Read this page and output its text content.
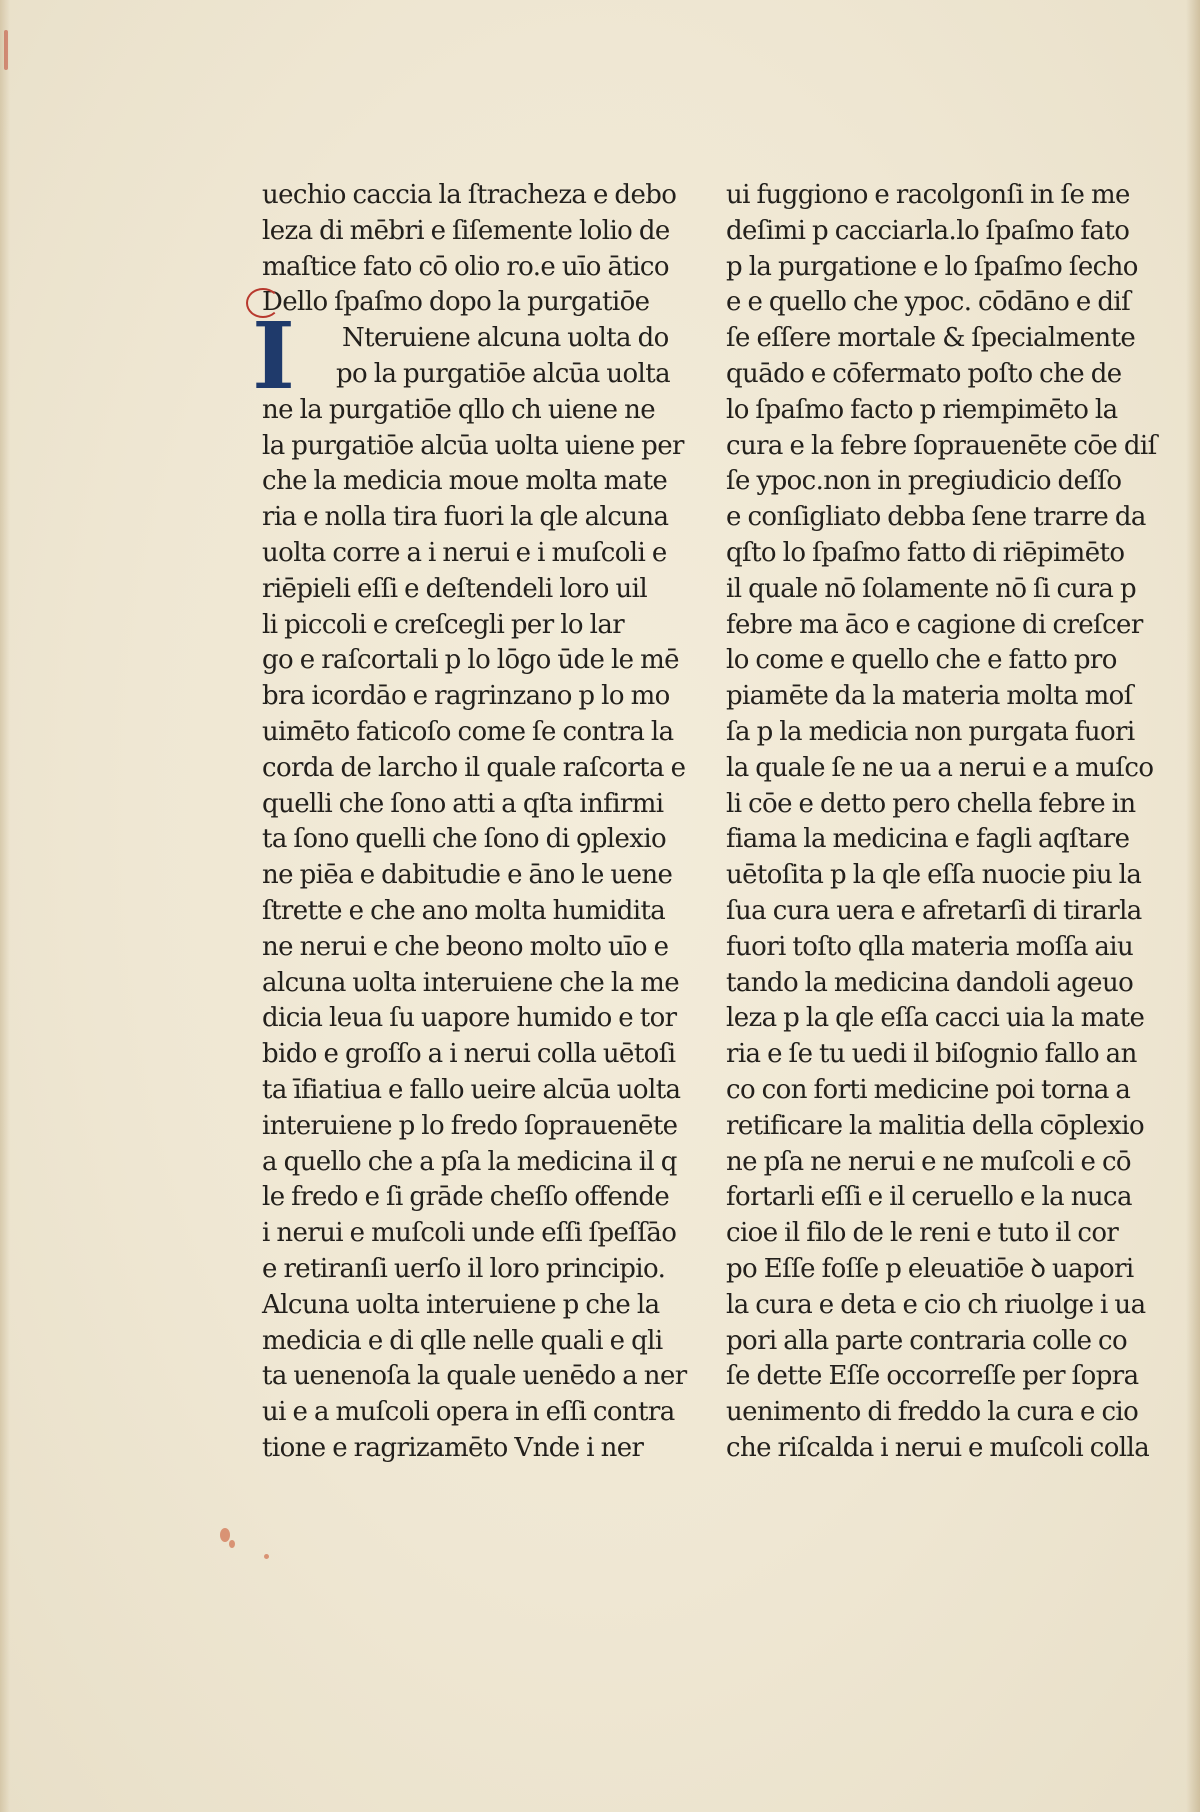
I
uechio caccia la ſtracheza e debo
leza di mēbri e ſiſemente lolio de
maſtice fato cō olio ro.e uīo ātico
Dello ſpaſmo dopo la purgatiōe
Nteruiene alcuna uolta do
po la purgatiōe alcūa uolta
ne la purgatiōe qllo ch uiene ne
la purgatiōe alcūa uolta uiene per
che la medicia moue molta mate
ria e nolla tira fuori la qle alcuna
uolta corre a i nerui e i muſcoli e
riēpieli eſſi e deſtendeli loro uil
li piccoli e creſcegli per lo lar
go e raſcortali p lo lōgo ūde le mē
bra icordāo e ragrinzano p lo mo
uimēto faticoſo come ſe contra la
corda de larcho il quale raſcorta e
quelli che ſono atti a qſta infirmi
ta ſono quelli che ſono di ꝯplexio
ne piēa e dabitudie e āno le uene
ſtrette e che ano molta humidita
ne nerui e che beono molto uīo e
alcuna uolta interuiene che la me
dicia leua ſu uapore humido e tor
bido e groſſo a i nerui colla uētoſi
ta īfiatiua e fallo ueire alcūa uolta
interuiene p lo fredo ſoprauenēte
a quello che a pſa la medicina il q
le fredo e ſi grāde cheſſo offende
i nerui e muſcoli unde eſſi ſpeſſāo
e retiranſi uerſo il loro principio.
Alcuna uolta interuiene p che la
medicia e di qlle nelle quali e qli
ta uenenoſa la quale uenēdo a ner
ui e a muſcoli opera in eſſi contra
tione e ragrizamēto Vnde i ner
ui fuggiono e racolgonſi in ſe me
deſimi p cacciarla.lo ſpaſmo fato
p la purgatione e lo ſpaſmo ſecho
e e quello che ypoc. cōdāno e diſ
ſe eſſere mortale & ſpecialmente
quādo e cōfermato poſto che de
lo ſpaſmo facto p riempimēto la
cura e la febre ſoprauenēte cōe diſ
ſe ypoc.non in pregiudicio deſſo
e conſigliato debba ſene trarre da
qſto lo ſpaſmo fatto di riēpimēto
il quale nō ſolamente nō ſi cura p
febre ma āco e cagione di creſcer
lo come e quello che e fatto pro
piamēte da la materia molta moſ
ſa p la medicia non purgata fuori
la quale ſe ne ua a nerui e a muſco
li cōe e detto pero chella febre in
fiama la medicina e fagli aqſtare
uētoſita p la qle eſſa nuocie piu la
ſua cura uera e afretarſi di tirarla
fuori toſto qlla materia moſſa aiu
tando la medicina dandoli ageuo
leza p la qle eſſa cacci uia la mate
ria e ſe tu uedi il biſognio fallo an
co con forti medicine poi torna a
retificare la malitia della cōplexio
ne pſa ne nerui e ne muſcoli e cō
fortarli eſſi e il ceruello e la nuca
cioe il filo de le reni e tuto il cor
po Eſſe foſſe p eleuatiōe ꝺ uapori
la cura e deta e cio ch riuolge i ua
pori alla parte contraria colle co
ſe dette Eſſe occorreſſe per ſopra
uenimento di freddo la cura e cio
che riſcalda i nerui e muſcoli colla
